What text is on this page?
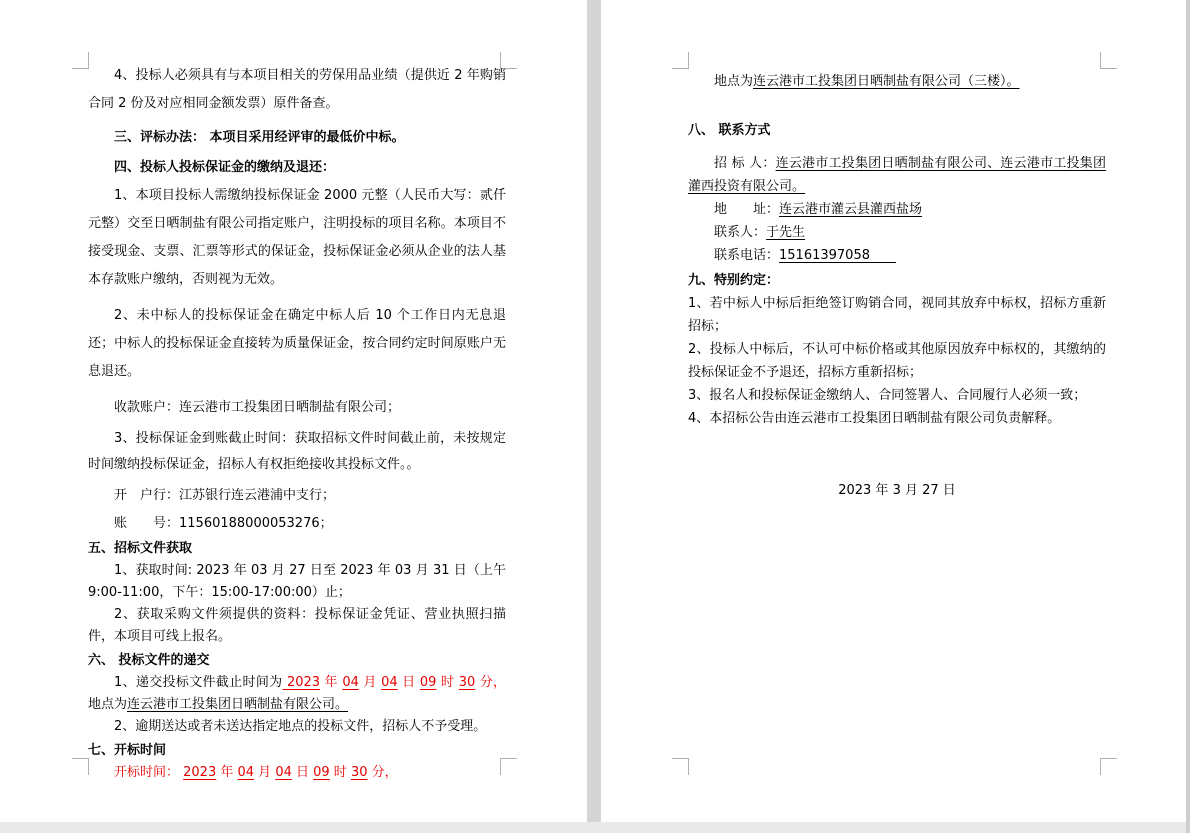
4、投标人必须具有与本项目相关的劳保用品业绩（提供近 2 年购销合同 2 份及对应相同金额发票）原件备查。
三、评标办法： 本项目采用经评审的最低价中标。
四、投标人投标保证金的缴纳及退还：
1、本项目投标人需缴纳投标保证金 2000 元整（人民币大写：贰仟元整）交至日晒制盐有限公司指定账户，注明投标的项目名称。本项目不接受现金、支票、汇票等形式的保证金，投标保证金必须从企业的法人基本存款账户缴纳，否则视为无效。
2、未中标人的投标保证金在确定中标人后 10 个工作日内无息退还；中标人的投标保证金直接转为质量保证金，按合同约定时间原账户无息退还。
收款账户：连云港市工投集团日晒制盐有限公司；
3、投标保证金到账截止时间：获取招标文件时间截止前，未按规定时间缴纳投标保证金，招标人有权拒绝接收其投标文件。。
开　户行：江苏银行连云港浦中支行；
账　　号：11560188000053276；
五、招标文件获取
1、获取时间: 2023 年 03 月 27 日至 2023 年 03 月 31 日（上午 9:00-11:00，下午：15:00-17:00:00）止；
2、获取采购文件须提供的资料：投标保证金凭证、营业执照扫描件，本项目可线上报名。
六、 投标文件的递交
1、递交投标文件截止时间为 2023 年 04 月 04 日 09 时 30 分，地点为连云港市工投集团日晒制盐有限公司。
2、逾期送达或者未送达指定地点的投标文件，招标人不予受理。
七、开标时间
开标时间： 2023 年 04 月 04 日 09 时 30 分，
地点为连云港市工投集团日晒制盐有限公司（三楼）。
八、 联系方式
招 标 人：连云港市工投集团日晒制盐有限公司、连云港市工投集团灌西投资有限公司。
地　　址：连云港市灌云县灌西盐场
联系人：于先生
联系电话：15161397058　　
九、特别约定：
1、若中标人中标后拒绝签订购销合同，视同其放弃中标权，招标方重新招标；
2、投标人中标后，不认可中标价格或其他原因放弃中标权的，其缴纳的投标保证金不予退还，招标方重新招标；
3、报名人和投标保证金缴纳人、合同签署人、合同履行人必须一致；
4、本招标公告由连云港市工投集团日晒制盐有限公司负责解释。
2023 年 3 月 27 日
